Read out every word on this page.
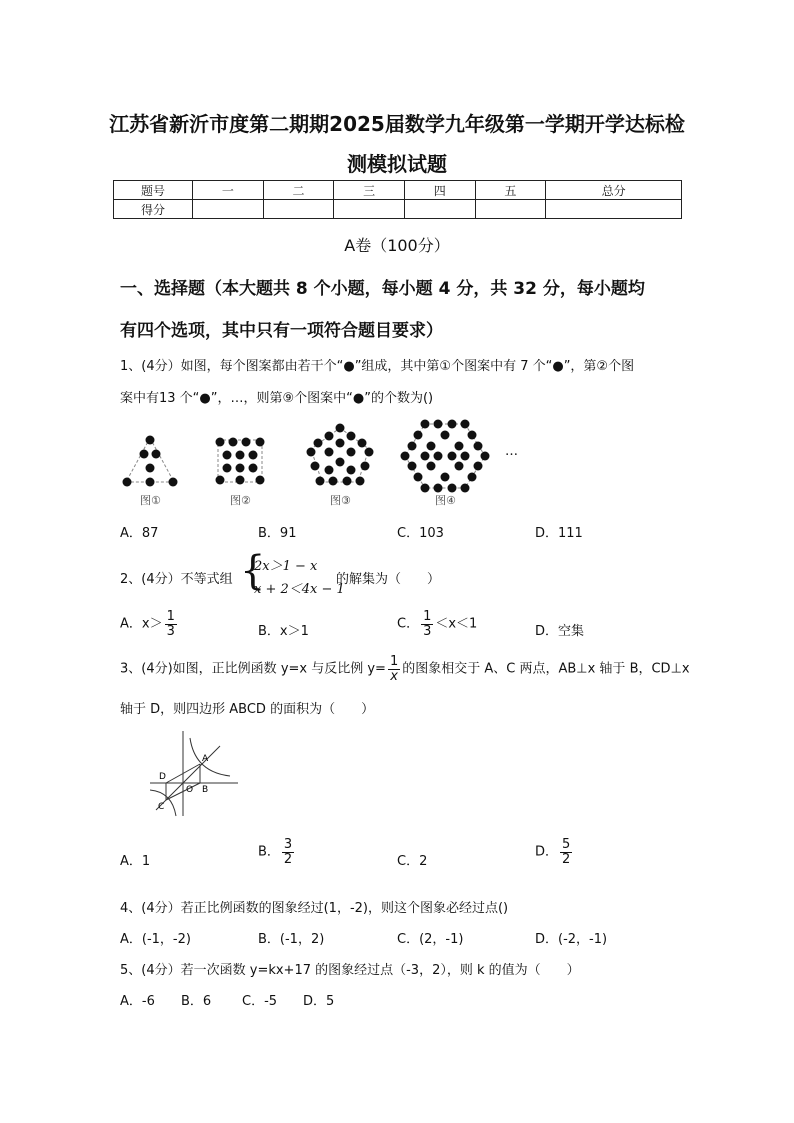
江苏省新沂市度第二期期2025届数学九年级第一学期开学达标检
测模拟试题
题号	一	二	三	四	五	总分
得分						
A卷（100分）
一、选择题（本大题共 8 个小题，每小题 4 分，共 32 分，每小题均
有四个选项，其中只有一项符合题目要求）
1、(4分）如图，每个图案都由若干个“●”组成，其中第①个图案中有 7 个“●”，第②个图
案中有13 个“●”，…，则第⑨个图案中“●”的个数为()
…
图①	图②	图③	图④
A．87	B．91	C．103	D．111
2、(4分）不等式组 {
2x＞1 − x
x + 2＜4x − 1
的解集为（　　）
A．$x> \frac{1}{3}$	B．x＞1	C． $\frac{1}{3} <x<1$	D．空集
3、(4分)如图，正比例函数 y=x 与反比例 $y= \frac{1}{x}$ 的图象相交于 A、C 两点，AB⊥x 轴于 B，CD⊥x
轴于 D，则四边形 ABCD 的面积为（　　）
A
B
C
D
O
A．1
B． $\frac{3}{2}$	C．2
D． $\frac{5}{2}$
4、(4分）若正比例函数的图象经过(1，-2)，则这个图象必经过点()
A．(-1，-2)	B．(-1，2)	C．(2，-1)	D．(-2，-1)
5、(4分）若一次函数 y=kx+17 的图象经过点（-3，2），则 k 的值为（　　）
A．-6 B．6 C．-5 D．5
